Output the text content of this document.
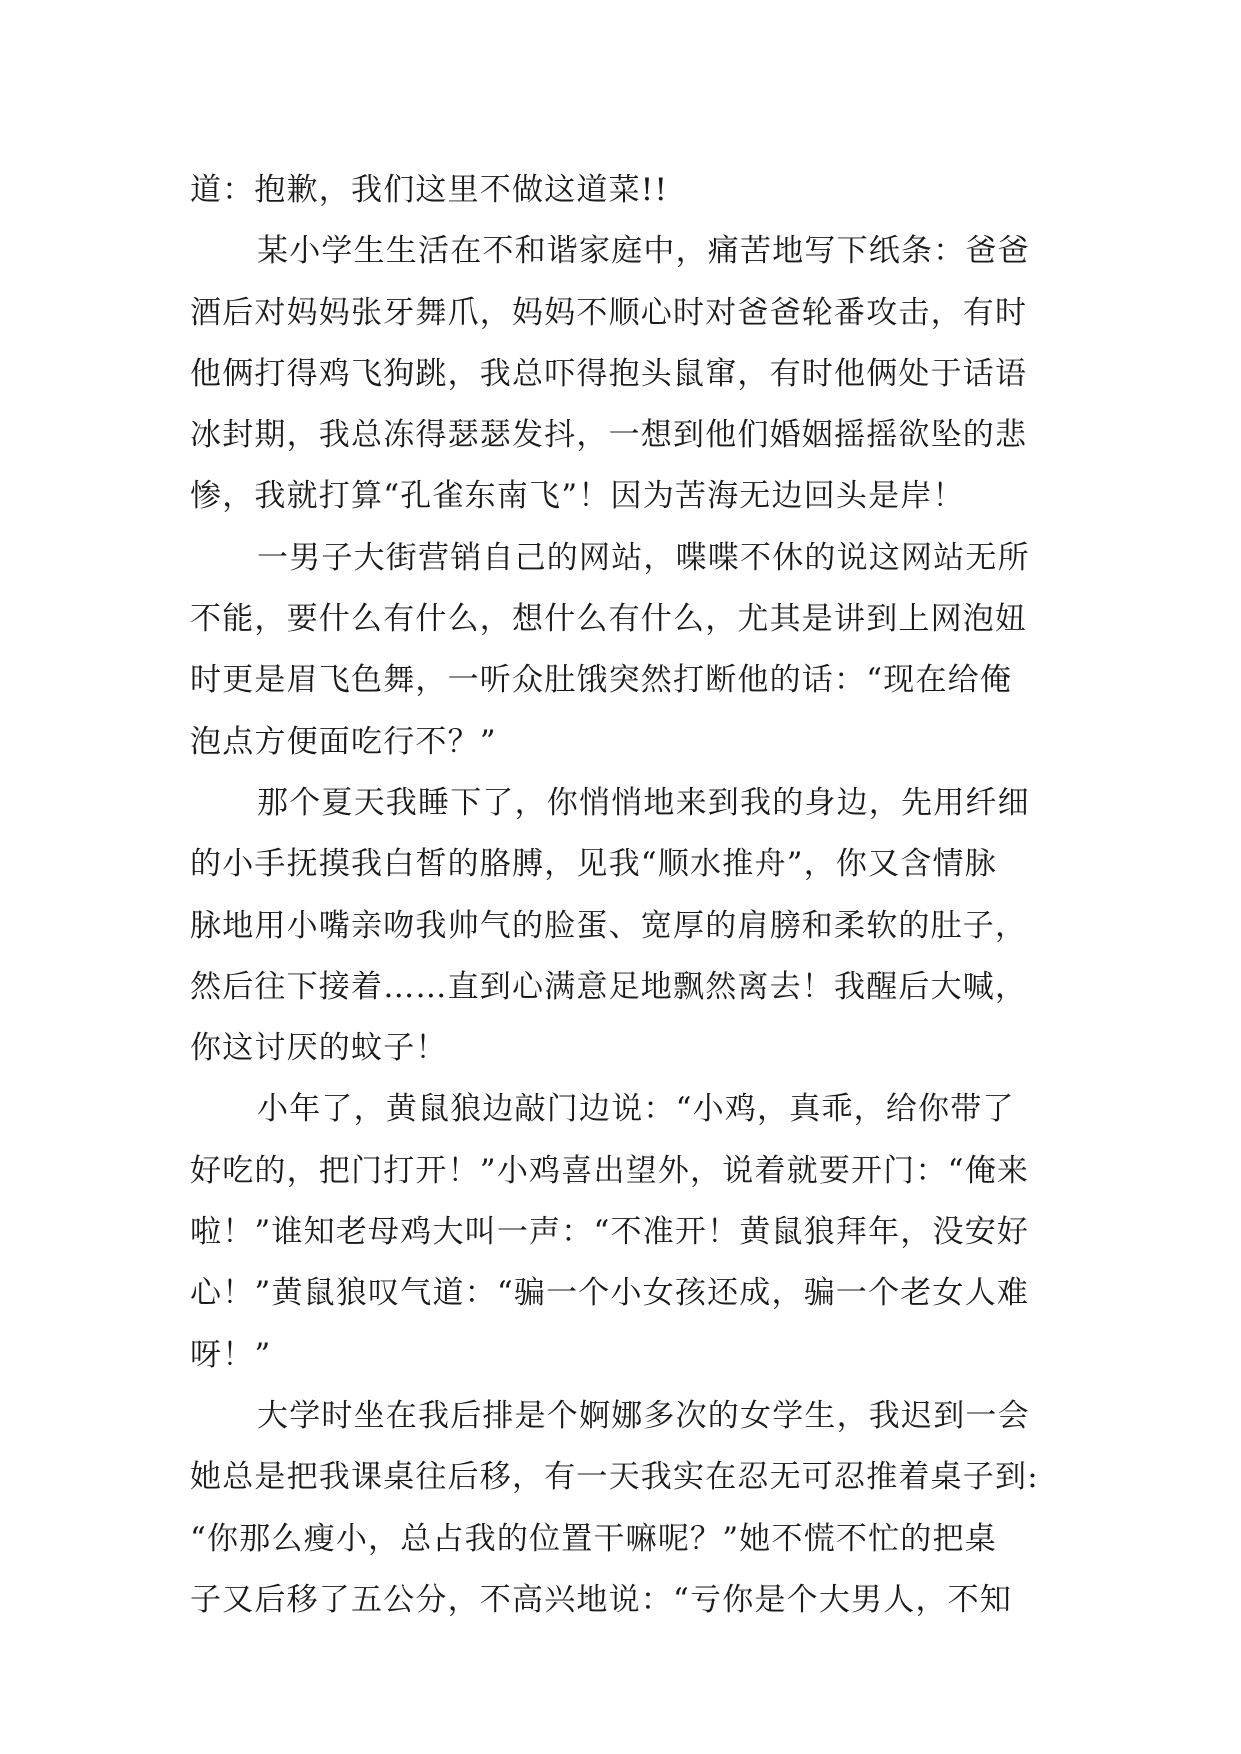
道：抱歉，我们这里不做这道菜!!
某小学生生活在不和谐家庭中，痛苦地写下纸条：爸爸
酒后对妈妈张牙舞爪，妈妈不顺心时对爸爸轮番攻击，有时
他俩打得鸡飞狗跳，我总吓得抱头鼠窜，有时他俩处于话语
冰封期，我总冻得瑟瑟发抖，一想到他们婚姻摇摇欲坠的悲
惨，我就打算“孔雀东南飞”！因为苦海无边回头是岸！
一男子大街营销自己的网站，喋喋不休的说这网站无所
不能，要什么有什么，想什么有什么，尤其是讲到上网泡妞
时更是眉飞色舞，一听众肚饿突然打断他的话：“现在给俺
泡点方便面吃行不？”
那个夏天我睡下了，你悄悄地来到我的身边，先用纤细
的小手抚摸我白皙的胳膊，见我“顺水推舟”，你又含情脉
脉地用小嘴亲吻我帅气的脸蛋、宽厚的肩膀和柔软的肚子，
然后往下接着……直到心满意足地飘然离去！我醒后大喊，
你这讨厌的蚊子！
小年了，黄鼠狼边敲门边说：“小鸡，真乖，给你带了
好吃的，把门打开！”小鸡喜出望外，说着就要开门：“俺来
啦！”谁知老母鸡大叫一声：“不准开！黄鼠狼拜年，没安好
心！”黄鼠狼叹气道：“骗一个小女孩还成，骗一个老女人难
呀！”
大学时坐在我后排是个婀娜多次的女学生，我迟到一会
她总是把我课桌往后移，有一天我实在忍无可忍推着桌子到:
“你那么瘦小，总占我的位置干嘛呢？”她不慌不忙的把桌
子又后移了五公分，不高兴地说：“亏你是个大男人，不知
